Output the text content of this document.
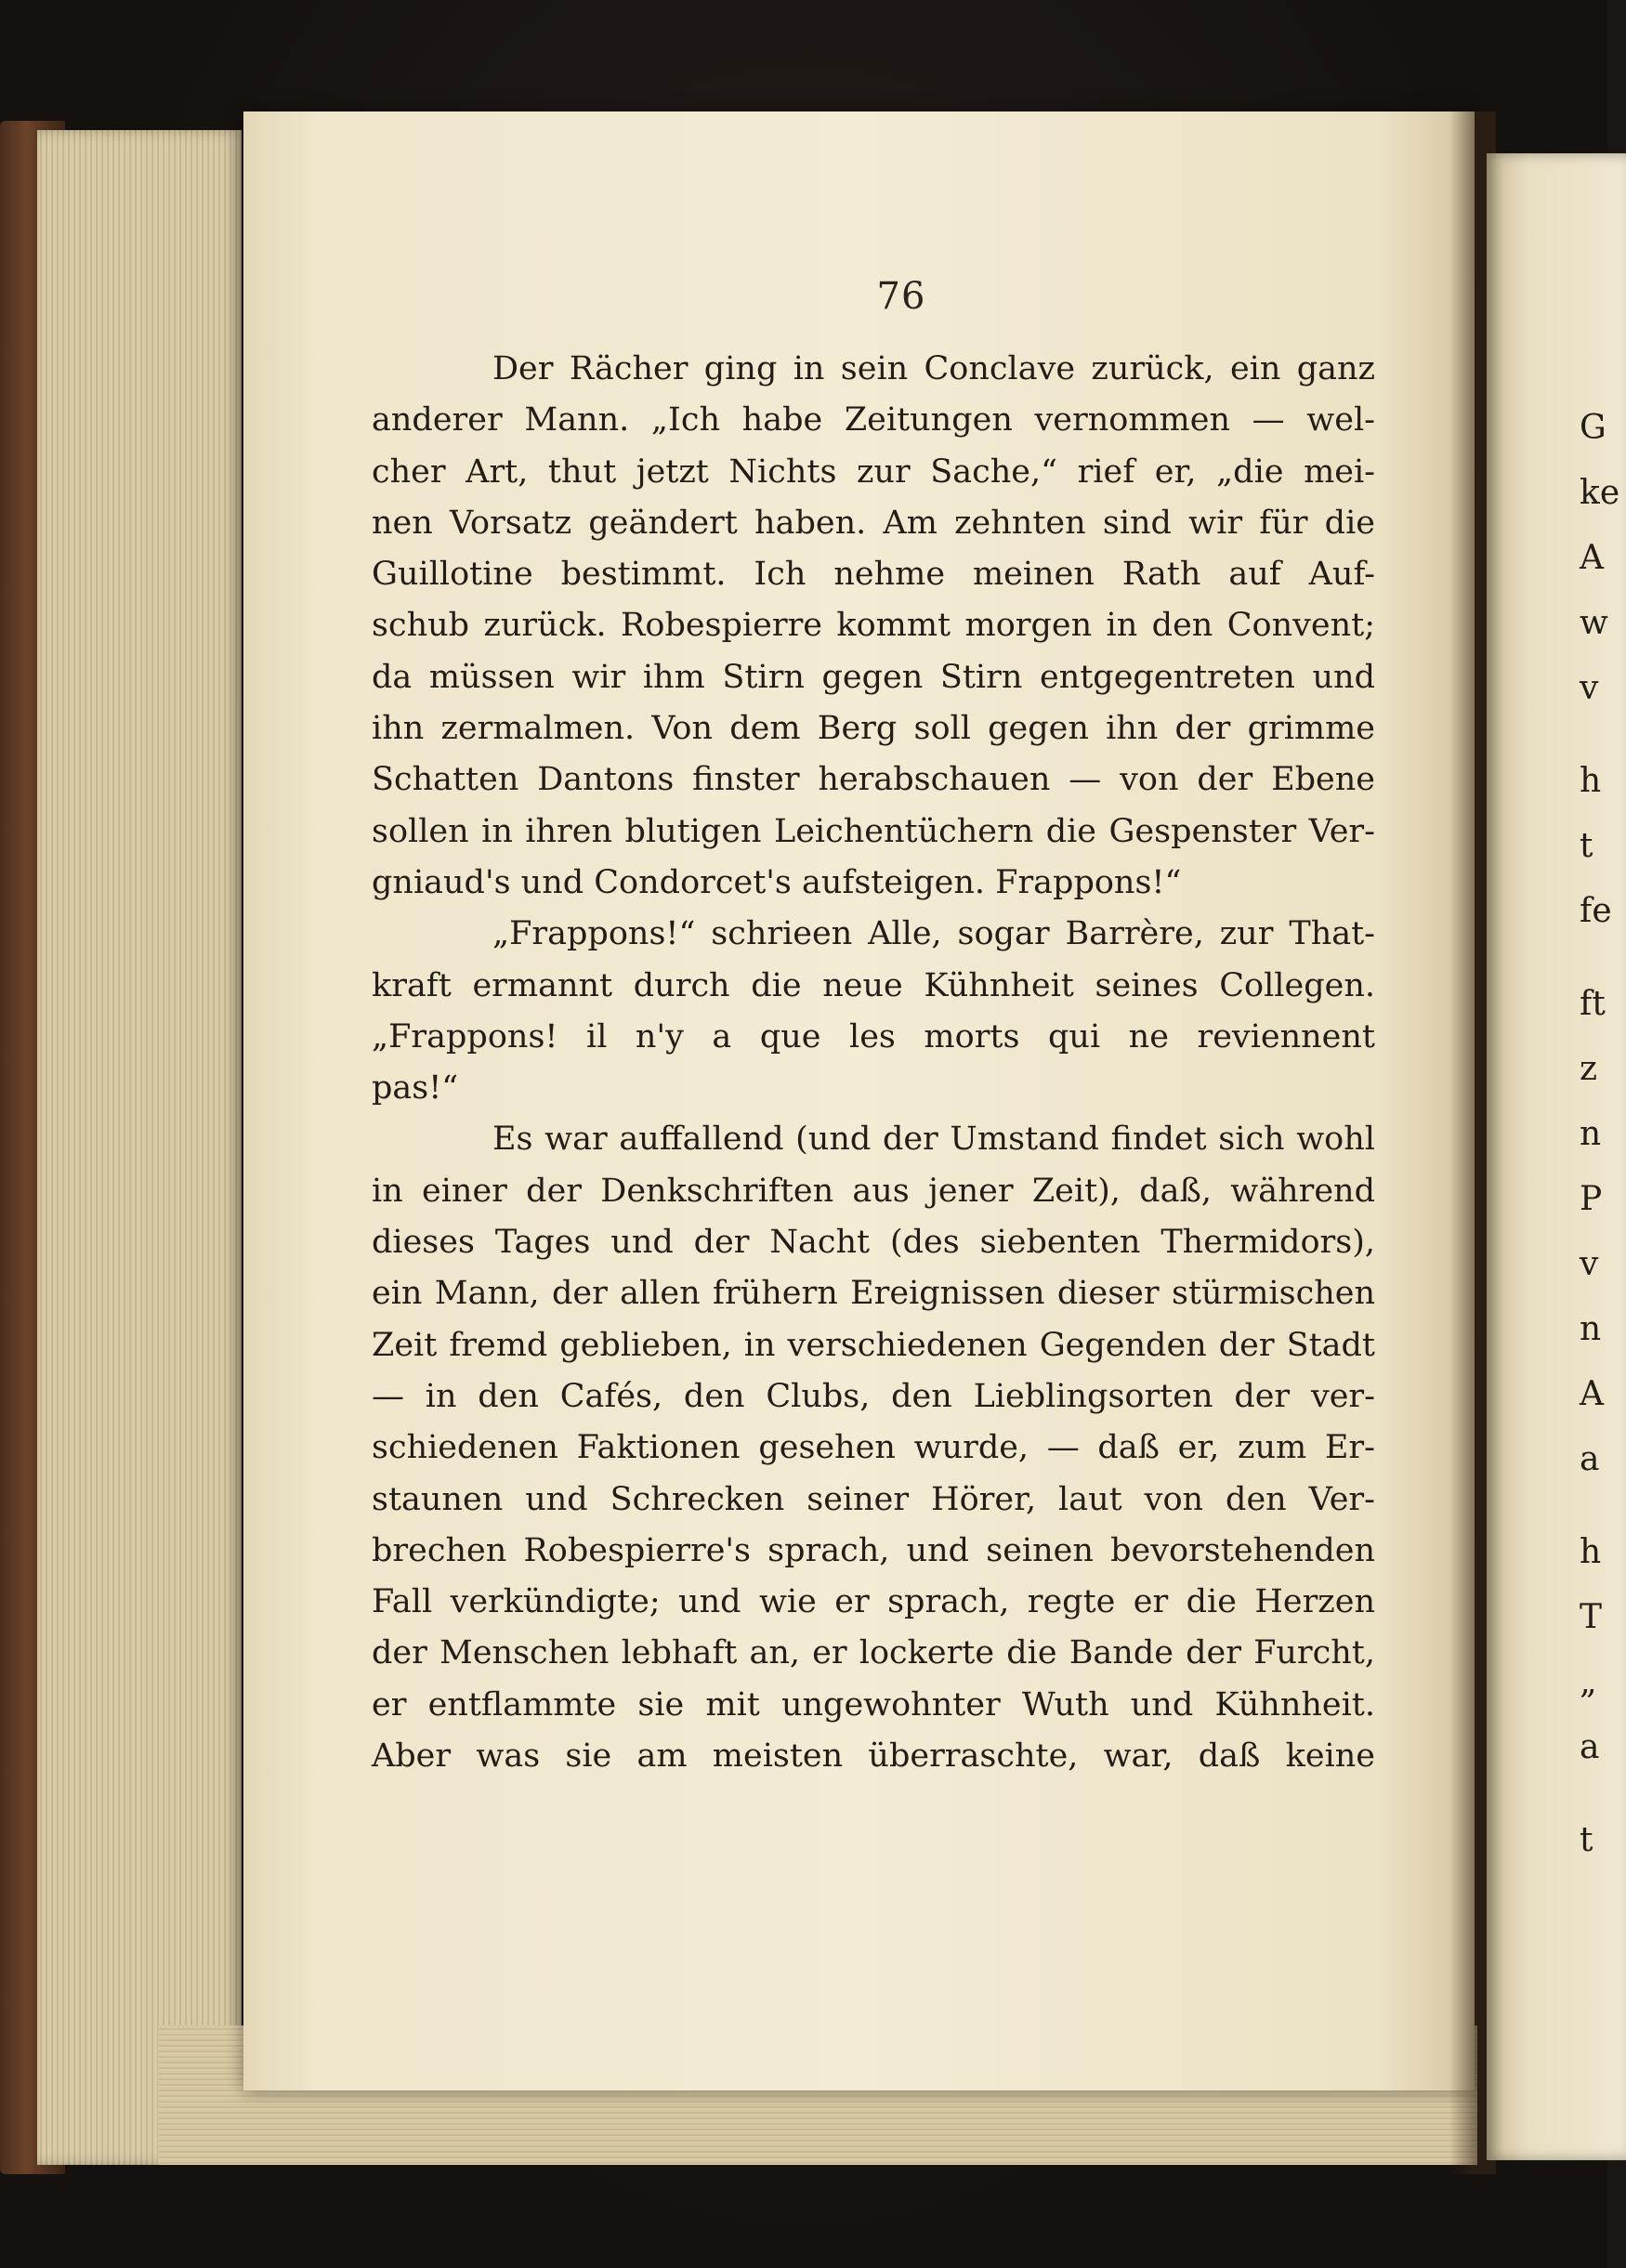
76
Der Rächer ging in sein Conclave zurück, ein ganz
anderer Mann. „Ich habe Zeitungen vernommen — wel-
cher Art, thut jetzt Nichts zur Sache,“ rief er, „die mei-
nen Vorsatz geändert haben. Am zehnten sind wir für die
Guillotine bestimmt. Ich nehme meinen Rath auf Auf-
schub zurück. Robespierre kommt morgen in den Convent;
da müssen wir ihm Stirn gegen Stirn entgegentreten und
ihn zermalmen. Von dem Berg soll gegen ihn der grimme
Schatten Dantons finster herabschauen — von der Ebene
sollen in ihren blutigen Leichentüchern die Gespenster Ver-
gniaud's und Condorcet's aufsteigen. Frappons!“
„Frappons!“ schrieen Alle, sogar Barrère, zur That-
kraft ermannt durch die neue Kühnheit seines Collegen.
„Frappons! il n'y a que les morts qui ne reviennent
pas!“
Es war auffallend (und der Umstand findet sich wohl
in einer der Denkschriften aus jener Zeit), daß, während
dieses Tages und der Nacht (des siebenten Thermidors),
ein Mann, der allen frühern Ereignissen dieser stürmischen
Zeit fremd geblieben, in verschiedenen Gegenden der Stadt
— in den Cafés, den Clubs, den Lieblingsorten der ver-
schiedenen Faktionen gesehen wurde, — daß er, zum Er-
staunen und Schrecken seiner Hörer, laut von den Ver-
brechen Robespierre's sprach, und seinen bevorstehenden
Fall verkündigte; und wie er sprach, regte er die Herzen
der Menschen lebhaft an, er lockerte die Bande der Furcht,
er entflammte sie mit ungewohnter Wuth und Kühnheit.
Aber was sie am meisten überraschte, war, daß keine
G
ke
A
w
v
h
t
fe
ft
z
n
P
v
n
A
a
h
T
„
a
t
